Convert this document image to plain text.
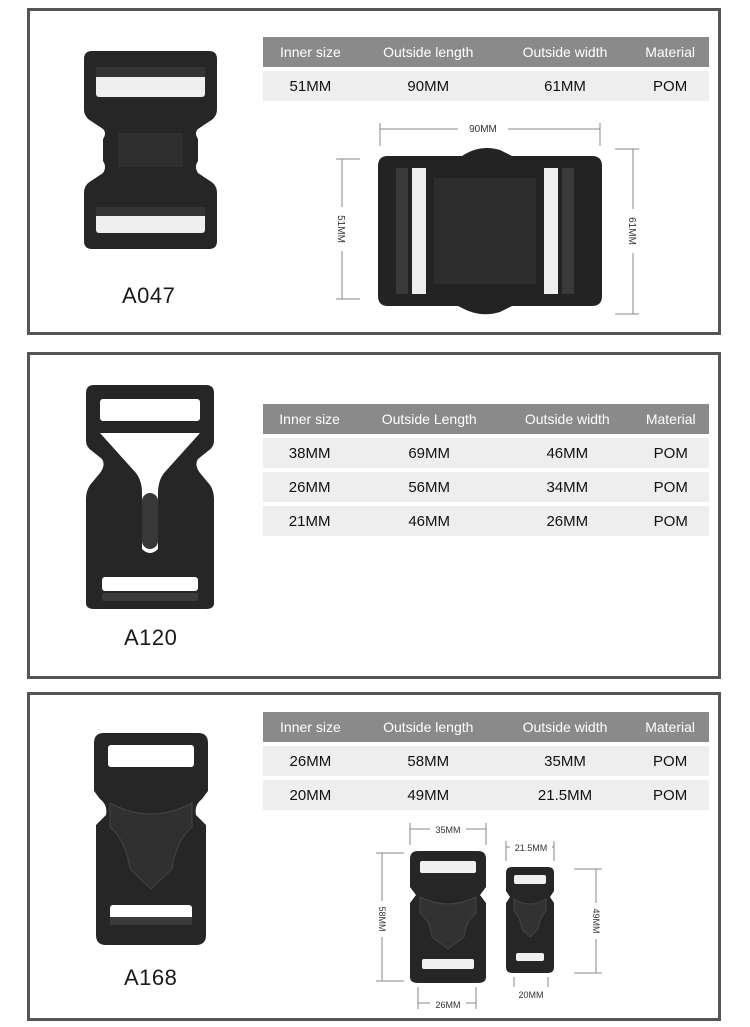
A047
Inner size	Outside length	Outside width	Material
51MM	90MM	61MM	POM
90MM
51MM	61MM
A120
Inner size	Outside Length	Outside width	Material
38MM	69MM	46MM	POM
26MM	56MM	34MM	POM
21MM	46MM	26MM	POM
A168
Inner size	Outside length	Outside width	Material
26MM	58MM	35MM	POM
20MM	49MM	21.5MM	POM
35MM
58MM
26MM
21.5MM
49MM
20MM
